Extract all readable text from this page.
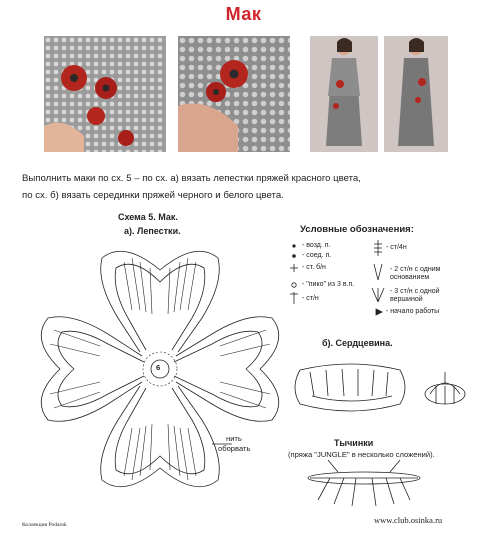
Мак
Выполнить маки по сх. 5 – по сх. а) вязать лепестки пряжей красного цвета,
по сх. б) вязать серединки пряжей черного и белого цвета.
Схема 5. Мак.
а). Лепестки.
6
нить
оборвать
Условные обозначения:
- возд. п.
- соед. п.
- ст. б/н
- "пико" из 3 в.п.
- ст/н
- ст/4н
- 2 ст/н с одним основанием
- 3 ст/н с одной вершиной
- начало работы
б). Сердцевина.
Тычинки
(пряжа "JUNGLE" в несколько сложений).
Коллекция Podarok	www.club.osinka.ru
